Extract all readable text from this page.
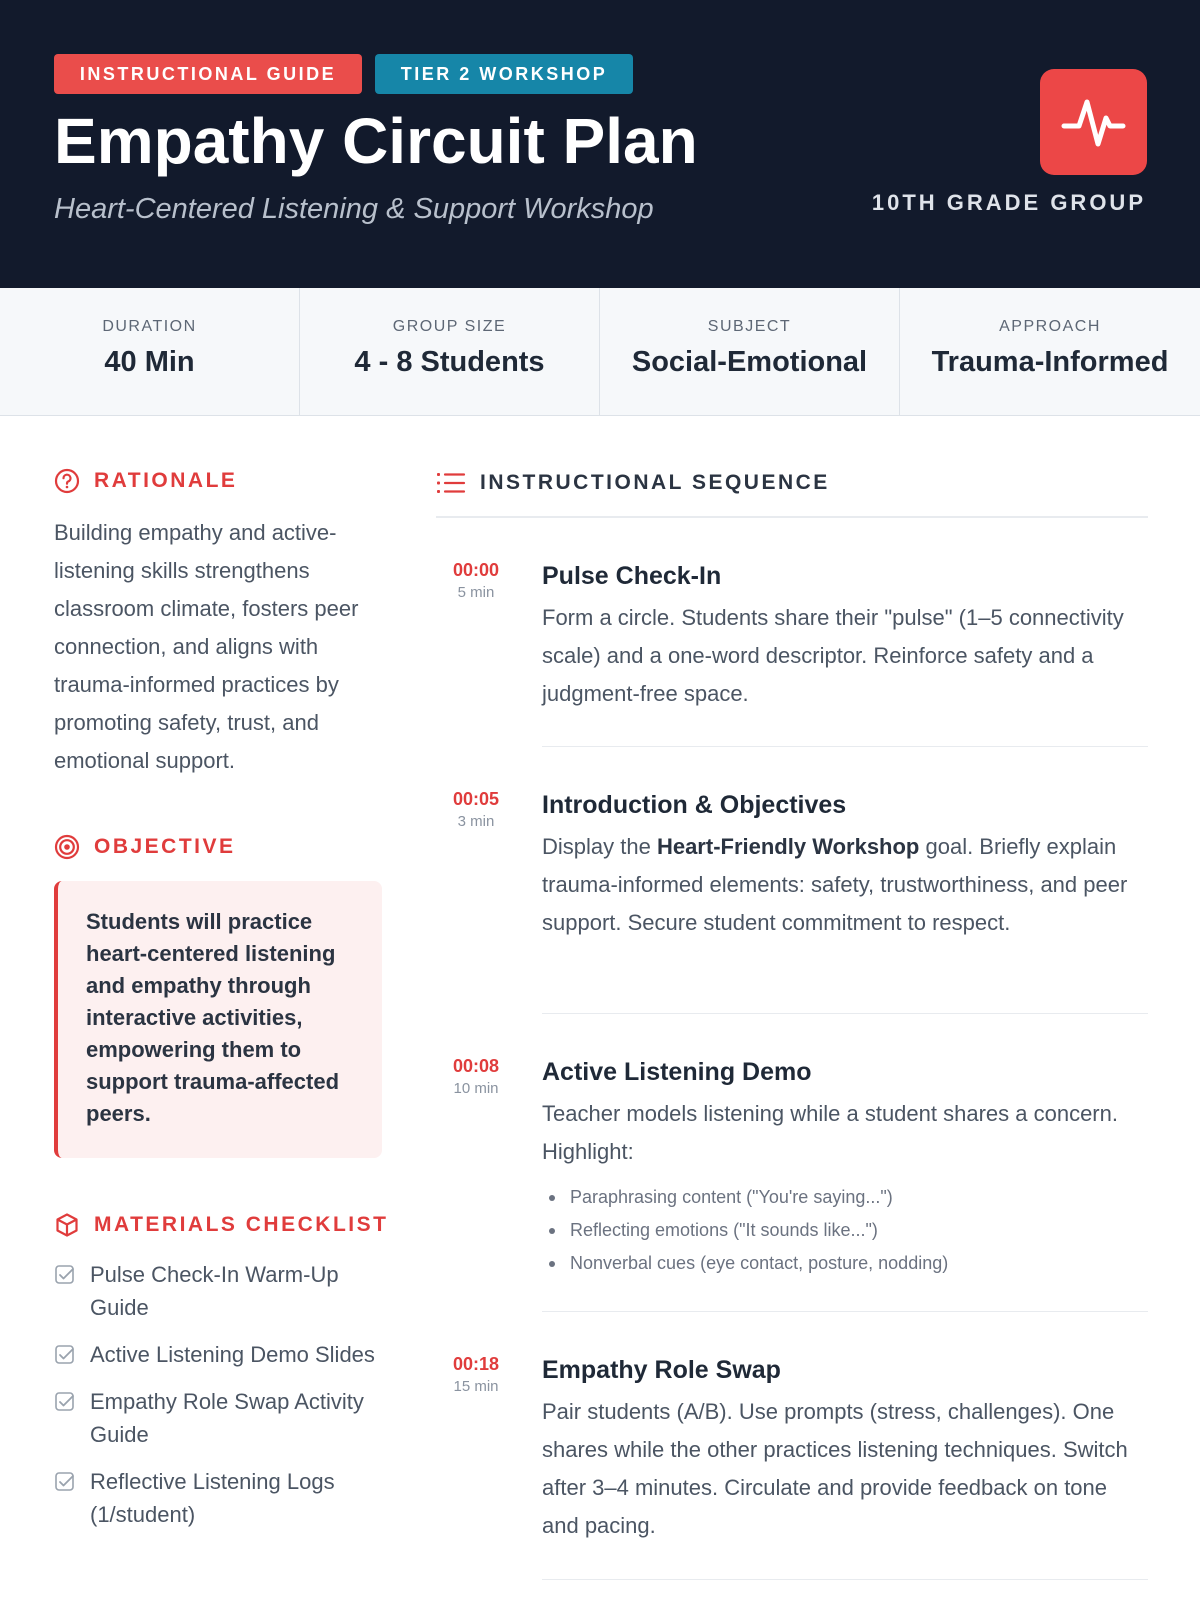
INSTRUCTIONAL GUIDE	TIER 2 WORKSHOP
Empathy Circuit Plan
Heart-Centered Listening & Support Workshop	10TH GRADE GROUP
DURATION
40 Min
GROUP SIZE
4 - 8 Students
SUBJECT
Social-Emotional
APPROACH
Trauma-Informed
RATIONALE
Building empathy and active-listening skills strengthens classroom climate, fosters peer connection, and aligns with trauma-informed practices by promoting safety, trust, and emotional support.
OBJECTIVE

Students will practice heart-centered listening and empathy through interactive activities, empowering them to support trauma-affected peers.

MATERIALS CHECKLIST
Pulse Check-In Warm-Up Guide
Active Listening Demo Slides
Empathy Role Swap Activity Guide
Reflective Listening Logs (1/student)
INSTRUCTIONAL SEQUENCE
00:00
5 min
Pulse Check-In
Form a circle. Students share their "pulse" (1–5 connectivity scale) and a one-word descriptor. Reinforce safety and a judgment-free space.
00:05
3 min
Introduction & Objectives
Display the Heart-Friendly Workshop goal. Briefly explain trauma-informed elements: safety, trustworthiness, and peer support. Secure student commitment to respect.
00:08
10 min
Active Listening Demo
Teacher models listening while a student shares a concern. Highlight:
Paraphrasing content ("You're saying...")
Reflecting emotions ("It sounds like...")
Nonverbal cues (eye contact, posture, nodding)
00:18
15 min
Empathy Role Swap
Pair students (A/B). Use prompts (stress, challenges). One shares while the other practices listening techniques. Switch after 3–4 minutes. Circulate and provide feedback on tone and pacing.
